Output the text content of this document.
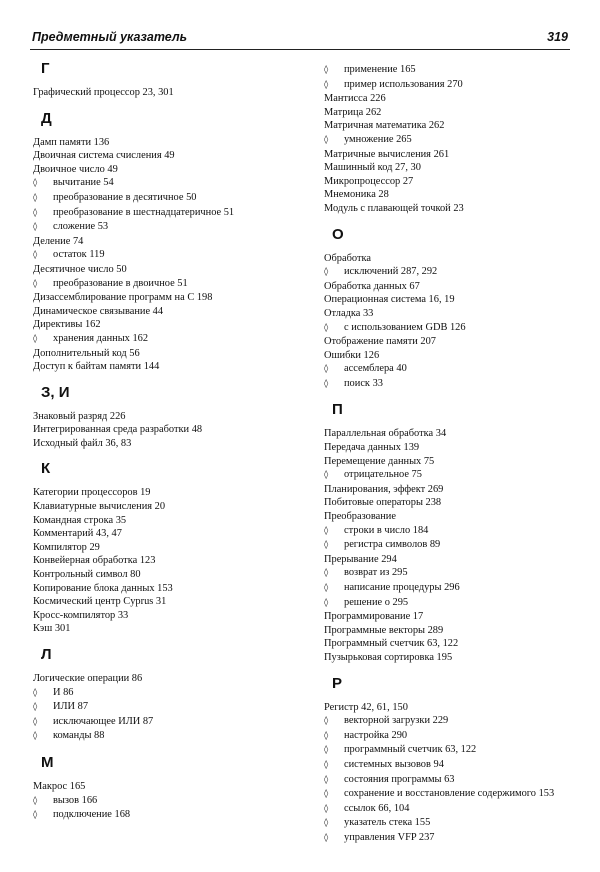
Предметный указатель	319
Г
Графический процессор 23, 301
Д
Дамп памяти 136
Двоичная система счисления 49
Двоичное число 49
◊ вычитание 54
◊ преобразование в десятичное 50
◊ преобразование в шестнадцатеричное 51
◊ сложение 53
Деление 74
◊ остаток 119
Десятичное число 50
◊ преобразование в двоичное 51
Дизассемблирование программ на C 198
Динамическое связывание 44
Директивы 162
◊ хранения данных 162
Дополнительный код 56
Доступ к байтам памяти 144
З, И
Знаковый разряд 226
Интегрированная среда разработки 48
Исходный файл 36, 83
К
Категории процессоров 19
Клавиатурные вычисления 20
Командная строка 35
Комментарий 43, 47
Компилятор 29
Конвейерная обработка 123
Контрольный символ 80
Копирование блока данных 153
Космический центр Cyprus 31
Кросс-компилятор 33
Кэш 301
Л
Логические операции 86
◊ И 86
◊ ИЛИ 87
◊ исключающее ИЛИ 87
◊ команды 88
М
Макрос 165
◊ вызов 166
◊ подключение 168
◊ применение 165
◊ пример использования 270
Мантисса 226
Матрица 262
Матричная математика 262
◊ умножение 265
Матричные вычисления 261
Машинный код 27, 30
Микропроцессор 27
Мнемоника 28
Модуль с плавающей точкой 23
О
Обработка
◊ исключений 287, 292
Обработка данных 67
Операционная система 16, 19
Отладка 33
◊ с использованием GDB 126
Отображение памяти 207
Ошибки 126
◊ ассемблера 40
◊ поиск 33
П
Параллельная обработка 34
Передача данных 139
Перемещение данных 75
◊ отрицательное 75
Планирования, эффект 269
Побитовые операторы 238
Преобразование
◊ строки в число 184
◊ регистра символов 89
Прерывание 294
◊ возврат из 295
◊ написание процедуры 296
◊ решение о 295
Программирование 17
Программные векторы 289
Программный счетчик 63, 122
Пузырьковая сортировка 195
Р
Регистр 42, 61, 150
◊ векторной загрузки 229
◊ настройка 290
◊ программный счетчик 63, 122
◊ системных вызовов 94
◊ состояния программы 63
◊ сохранение и восстановление содержимого 153
◊ ссылок 66, 104
◊ указатель стека 155
◊ управления VFP 237
